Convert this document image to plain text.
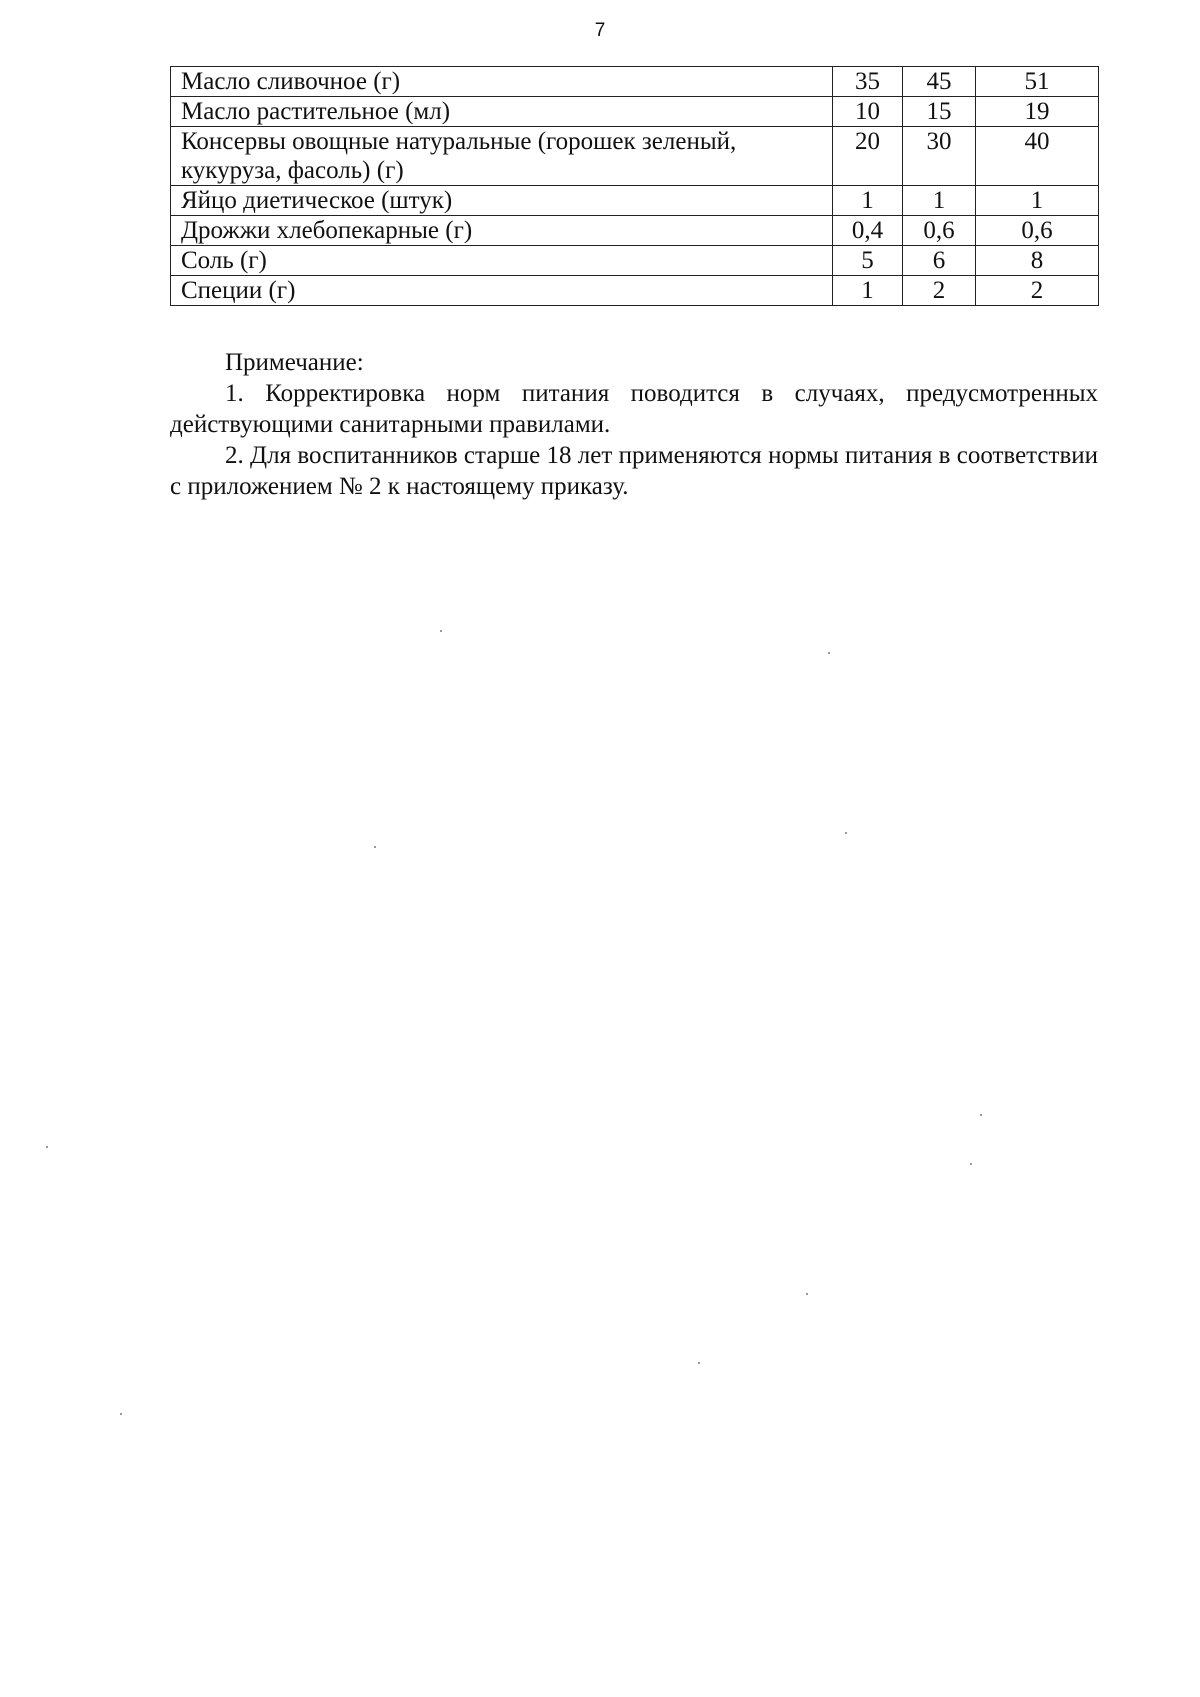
7
Масло сливочное (г)	35	45	51
Масло растительное (мл)	10	15	19
Консервы овощные натуральные (горошек зеленый, кукуруза, фасоль) (г)	20	30	40
Яйцо диетическое (штук)	1	1	1
Дрожжи хлебопекарные (г)	0,4	0,6	0,6
Соль (г)	5	6	8
Специи (г)	1	2	2
Примечание:

1. Корректировка норм питания поводится в случаях, предусмотренных действующими санитарными правилами.

2. Для воспитанников старше 18 лет применяются нормы питания в соответствии с приложением № 2 к настоящему приказу.
